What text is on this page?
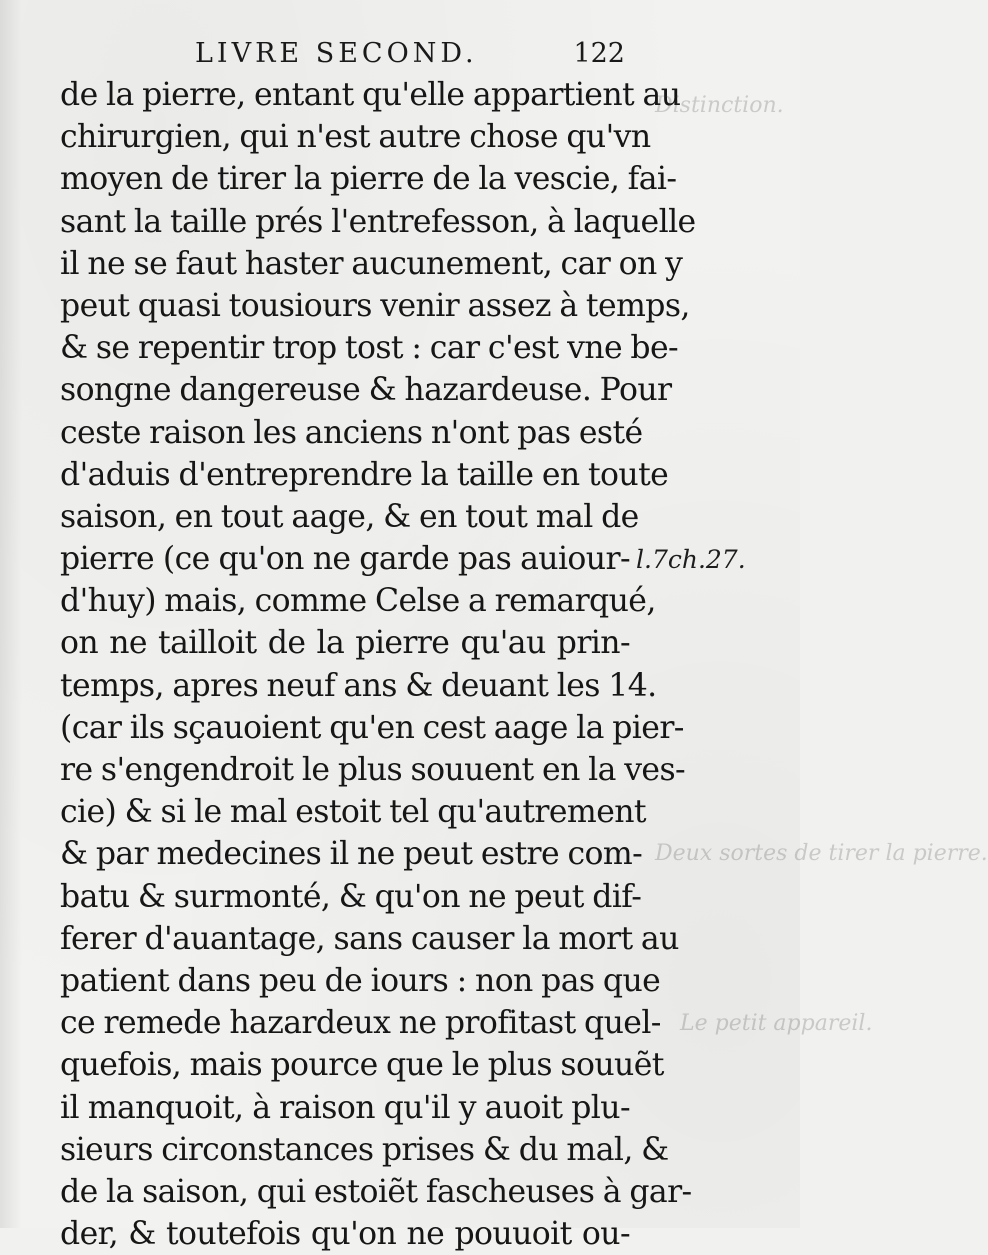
LIVRE SECOND.	122
de la pierre, entant qu'elle appartient au
chirurgien, qui n'est autre chose qu'vn
moyen de tirer la pierre de la vescie, fai-
sant la taille prés l'entrefesson, à laquelle
il ne se faut haster aucunement, car on y
peut quasi tousiours venir assez à temps,
& se repentir trop tost : car c'est vne be-
songne dangereuse & hazardeuse. Pour
ceste raison les anciens n'ont pas esté
d'aduis d'entreprendre la taille en toute
saison, en tout aage, & en tout mal de
pierre (ce qu'on ne garde pas auiour-
d'huy) mais, comme Celse a remarqué,
on ne tailloit de la pierre qu'au prin-
temps, apres neuf ans & deuant les 14.
(car ils sçauoient qu'en cest aage la pier-
re s'engendroit le plus souuent en la ves-
cie) & si le mal estoit tel qu'autrement
& par medecines il ne peut estre com-
batu & surmonté, & qu'on ne peut dif-
ferer d'auantage, sans causer la mort au
patient dans peu de iours : non pas que
ce remede hazardeux ne profitast quel-
quefois, mais pource que le plus souuẽt
il manquoit, à raison qu'il y auoit plu-
sieurs circonstances prises & du mal, &
de la saison, qui estoiẽt fascheuses à gar-
der, & toutefois qu'on ne pouuoit ou-
l.7ch.27.
Distinction.
Deux sortes de tirer la pierre.
Le petit appareil.
